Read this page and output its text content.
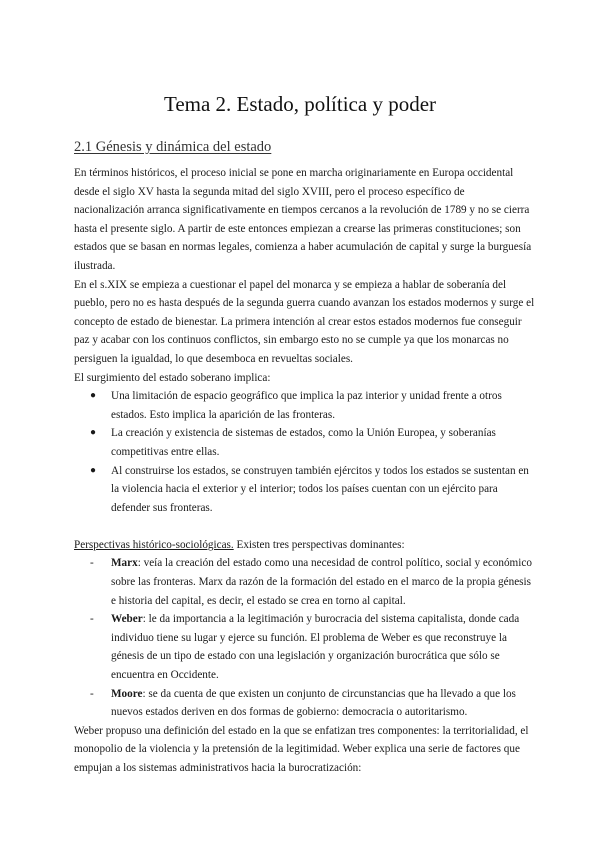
Tema 2. Estado, política y poder
2.1 Génesis y dinámica del estado

En términos históricos, el proceso inicial se pone en marcha originariamente en Europa occidental desde el siglo XV hasta la segunda mitad del siglo XVIII, pero el proceso específico de nacionalización arranca significativamente en tiempos cercanos a la revolución de 1789 y no se cierra hasta el presente siglo. A partir de este entonces empiezan a crearse las primeras constituciones; son estados que se basan en normas legales, comienza a haber acumulación de capital y surge la burguesía ilustrada.

En el s.XIX se empieza a cuestionar el papel del monarca y se empieza a hablar de soberanía del pueblo, pero no es hasta después de la segunda guerra cuando avanzan los estados modernos y surge el concepto de estado de bienestar. La primera intención al crear estos estados modernos fue conseguir paz y acabar con los continuos conflictos, sin embargo esto no se cumple ya que los monarcas no persiguen la igualdad, lo que desemboca en revueltas sociales.

El surgimiento del estado soberano implica:

● Una limitación de espacio geográfico que implica la paz interior y unidad frente a otros estados. Esto implica la aparición de las fronteras.
● La creación y existencia de sistemas de estados, como la Unión Europea, y soberanías competitivas entre ellas.
● Al construirse los estados, se construyen también ejércitos y todos los estados se sustentan en la violencia hacia el exterior y el interior; todos los países cuentan con un ejército para defender sus fronteras.

Perspectivas histórico-sociológicas. Existen tres perspectivas dominantes:

- Marx: veía la creación del estado como una necesidad de control político, social y económico sobre las fronteras. Marx da razón de la formación del estado en el marco de la propia génesis e historia del capital, es decir, el estado se crea en torno al capital.
- Weber: le da importancia a la legitimación y burocracia del sistema capitalista, donde cada individuo tiene su lugar y ejerce su función. El problema de Weber es que reconstruye la génesis de un tipo de estado con una legislación y organización burocrática que sólo se encuentra en Occidente.
- Moore: se da cuenta de que existen un conjunto de circunstancias que ha llevado a que los nuevos estados deriven en dos formas de gobierno: democracia o autoritarismo.

Weber propuso una definición del estado en la que se enfatizan tres componentes: la territorialidad, el monopolio de la violencia y la pretensión de la legitimidad. Weber explica una serie de factores que empujan a los sistemas administrativos hacia la burocratización:
